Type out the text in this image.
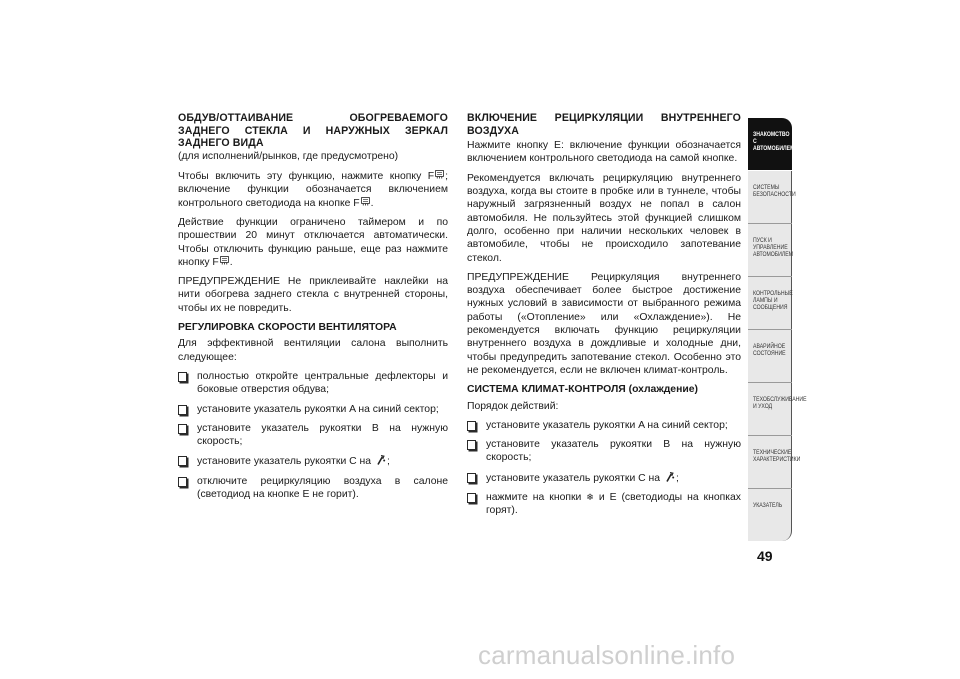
ОБДУВ/ОТТАИВАНИЕ ОБОГРЕВАЕМОГО ЗАДНЕГО СТЕКЛА И НАРУЖНЫХ ЗЕРКАЛ ЗАДНЕГО ВИДА
(для исполнений/рынков, где предусмотрено)
Чтобы включить эту функцию, нажмите кнопку F ; включение функции обозначается включением контрольного светодиода на кнопке F .
Действие функции ограничено таймером и по прошествии 20 минут отключается автоматически. Чтобы отключить функцию раньше, еще раз нажмите кнопку F .
ПРЕДУПРЕЖДЕНИЕ Не приклеивайте наклейки на нити обогрева заднего стекла с внутренней стороны, чтобы их не повредить.
РЕГУЛИРОВКА СКОРОСТИ ВЕНТИЛЯТОРА
Для эффективной вентиляции салона выполнить следующее:
полностью откройте центральные дефлекторы и боковые отверстия обдува;
установите указатель рукоятки A на синий сектор;
установите указатель рукоятки B на нужную скорость;
установите указатель рукоятки C на ;
отключите рециркуляцию воздуха в салоне (светодиод на кнопке E не горит).
ВКЛЮЧЕНИЕ РЕЦИРКУЛЯЦИИ ВНУТРЕННЕГО ВОЗДУХА
Нажмите кнопку E: включение функции обозначается включением контрольного светодиода на самой кнопке.
Рекомендуется включать рециркуляцию внутреннего воздуха, когда вы стоите в пробке или в туннеле, чтобы наружный загрязненный воздух не попал в салон автомобиля. Не пользуйтесь этой функцией слишком долго, особенно при наличии нескольких человек в автомобиле, чтобы не происходило запотевание стекол.
ПРЕДУПРЕЖДЕНИЕ Рециркуляция внутреннего воздуха обеспечивает более быстрое достижение нужных условий в зависимости от выбранного режима работы («Отопление» или «Охлаждение»). Не рекомендуется включать функцию рециркуляции внутреннего воздуха в дождливые и холодные дни, чтобы предупредить запотевание стекол. Особенно это не рекомендуется, если не включен климат-контроль.
СИСТЕМА КЛИМАТ-КОНТРОЛЯ (охлаждение)
Порядок действий:
установите указатель рукоятки A на синий сектор;
установите указатель рукоятки B на нужную скорость;
установите указатель рукоятки C на ;
нажмите на кнопки ❄ и E (светодиоды на кнопках горят).
ЗНАКОМСТВО С АВТОМОБИЛЕМ
СИСТЕМЫ БЕЗОПАСНОСТИ
ПУСК И УПРАВЛЕНИЕ АВТОМОБИЛЕМ
КОНТРОЛЬНЫЕ ЛАМПЫ И СООБЩЕНИЯ
АВАРИЙНОЕ СОСТОЯНИЕ
ТЕХОБСЛУЖИВАНИЕ И УХОД
ТЕХНИЧЕСКИЕ ХАРАКТЕРИСТИКИ
УКАЗАТЕЛЬ
49
carmanualsonline.info
